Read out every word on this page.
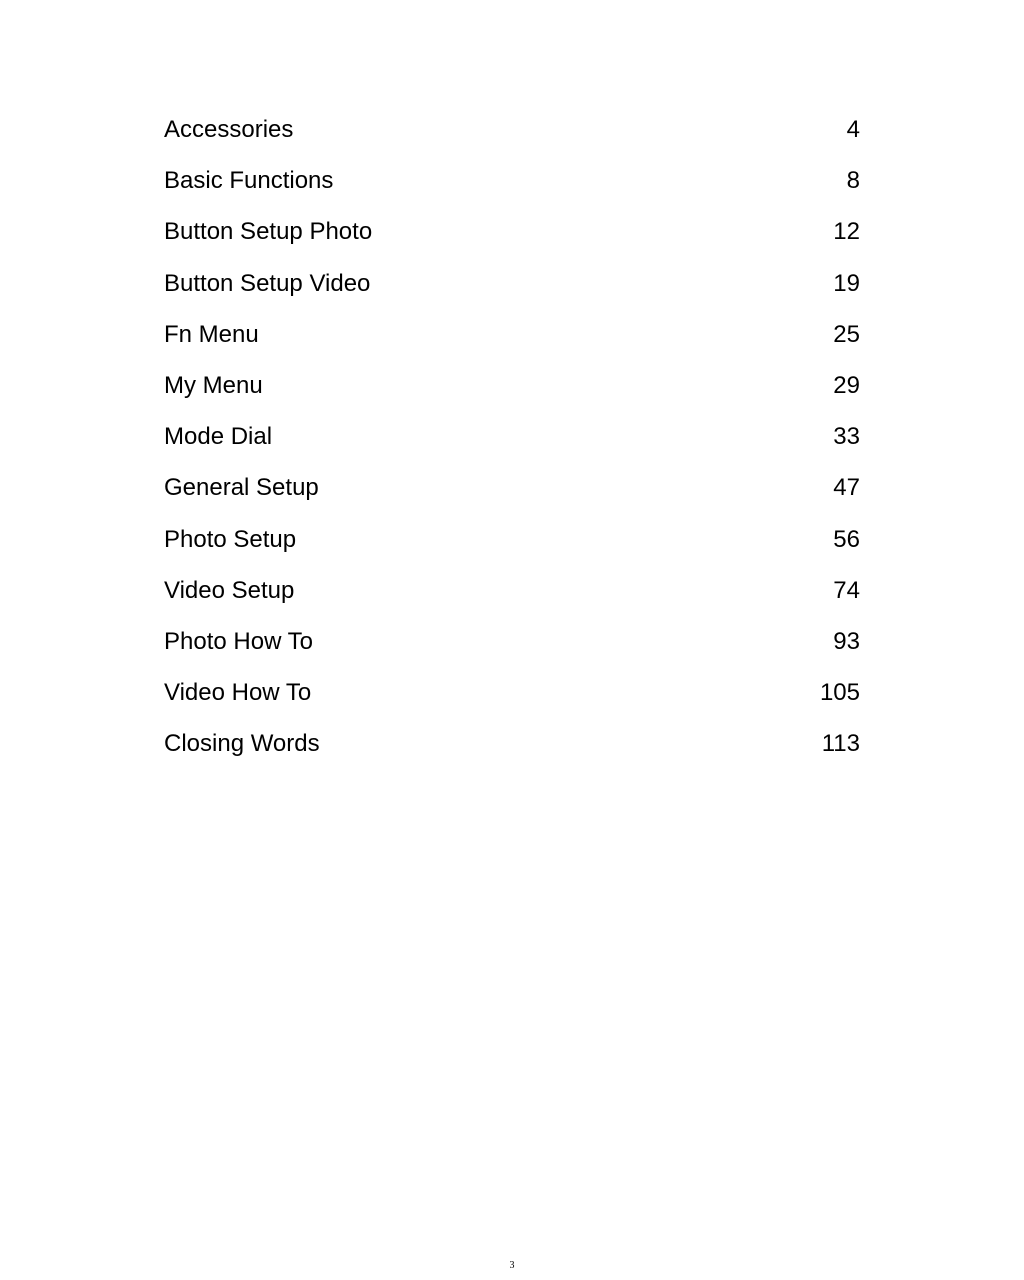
Accessories	4
Basic Functions	8
Button Setup Photo	12
Button Setup Video	19
Fn Menu	25
My Menu	29
Mode Dial	33
General Setup	47
Photo Setup	56
Video Setup	74
Photo How To	93
Video How To	105
Closing Words	113
3
